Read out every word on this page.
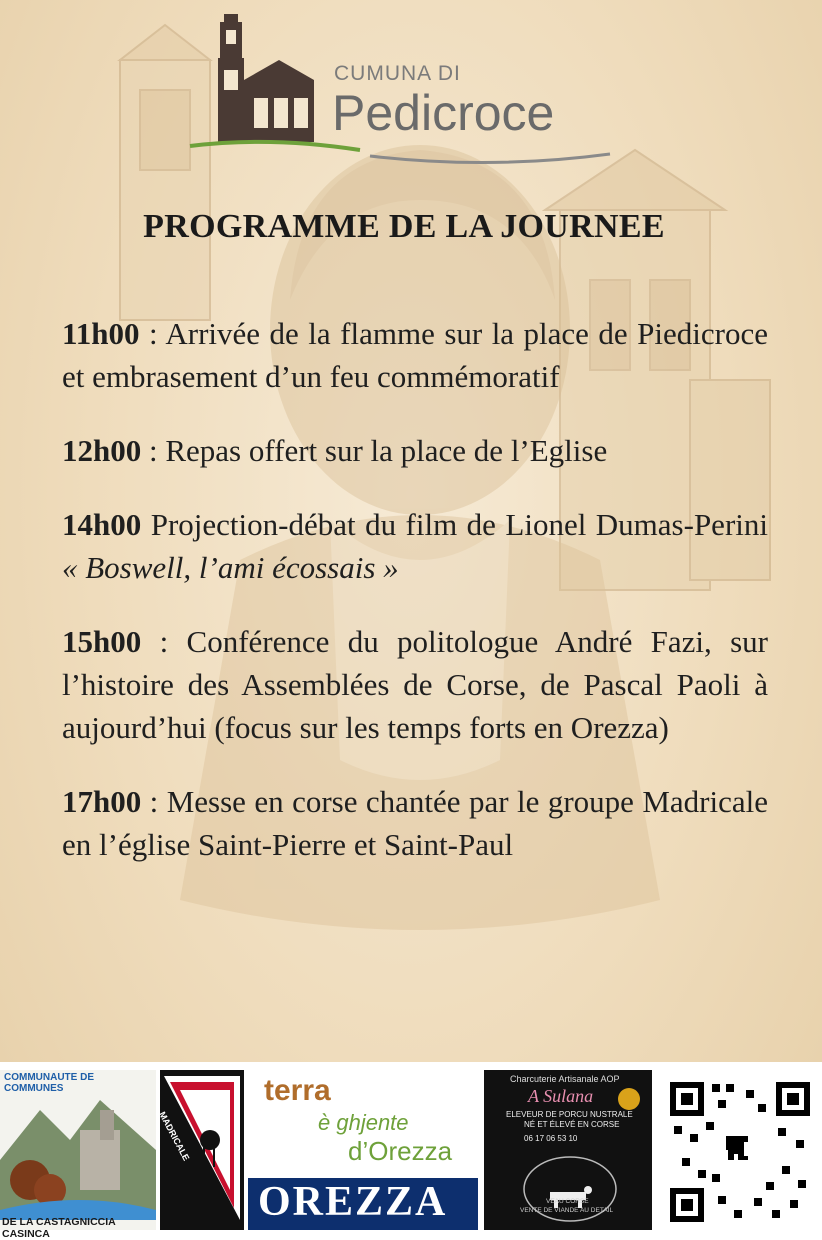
CUMUNA DI
Pedicroce
PROGRAMME DE LA JOURNEE

11h00 : Arrivée de la flamme sur la place de Piedicroce et embrasement d’un feu commémoratif

12h00 : Repas offert sur la place de l’Eglise

14h00 Projection-débat du film de Lionel Dumas-Perini « Boswell, l’ami écossais »

15h00 : Conférence du politologue André Fazi, sur l’histoire des Assemblées de Corse, de Pascal Paoli à aujourd’hui (focus sur les temps forts en Orezza)

17h00 : Messe en corse chantée par le groupe Madricale en l’église Saint-Pierre et Saint-Paul

COMMUNAUTE DE COMMUNES
DE LA CASTAGNICCIA CASINCA
MADRICALE
terra
è ghjente
d’Orezza
OREZZA
Charcuterie Artisanale AOP
A Sulana
ELEVEUR DE PORCU NUSTRALE
NÉ ET ÉLEVÉ EN CORSE
06 17 06 53 10
VEAU CORSE
VENTE DE VIANDE AU DETAIL
